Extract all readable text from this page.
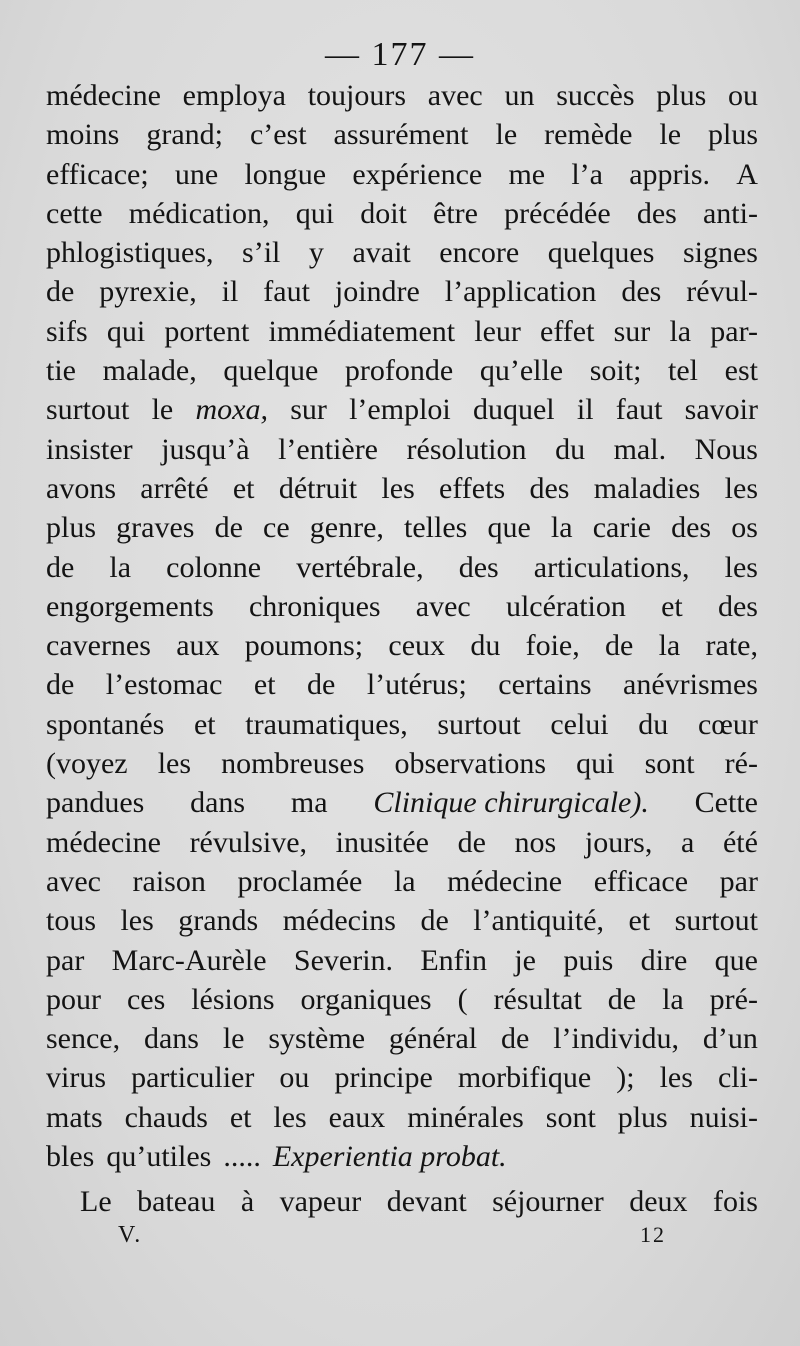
— 177 —
médecine employa toujours avec un succès plus ou
moins grand; c’est assurément le remède le plus
efficace; une longue expérience me l’a appris. A
cette médication, qui doit être précédée des anti-
phlogistiques, s’il y avait encore quelques signes
de pyrexie, il faut joindre l’application des révul-
sifs qui portent immédiatement leur effet sur la par-
tie malade, quelque profonde qu’elle soit; tel est
surtout le moxa, sur l’emploi duquel il faut savoir
insister jusqu’à l’entière résolution du mal. Nous
avons arrêté et détruit les effets des maladies les
plus graves de ce genre, telles que la carie des os
de la colonne vertébrale, des articulations, les
engorgements chroniques avec ulcération et des
cavernes aux poumons; ceux du foie, de la rate,
de l’estomac et de l’utérus; certains anévrismes
spontanés et traumatiques, surtout celui du cœur
(voyez les nombreuses observations qui sont ré-
pandues dans ma Clinique chirurgicale). Cette
médecine révulsive, inusitée de nos jours, a été
avec raison proclamée la médecine efficace par
tous les grands médecins de l’antiquité, et surtout
par Marc-Aurèle Severin. Enfin je puis dire que
pour ces lésions organiques ( résultat de la pré-
sence, dans le système général de l’individu, d’un
virus particulier ou principe morbifique ); les cli-
mats chauds et les eaux minérales sont plus nuisi-
bles qu’utiles ..... Experientia probat.
Le bateau à vapeur devant séjourner deux fois
V.	12
